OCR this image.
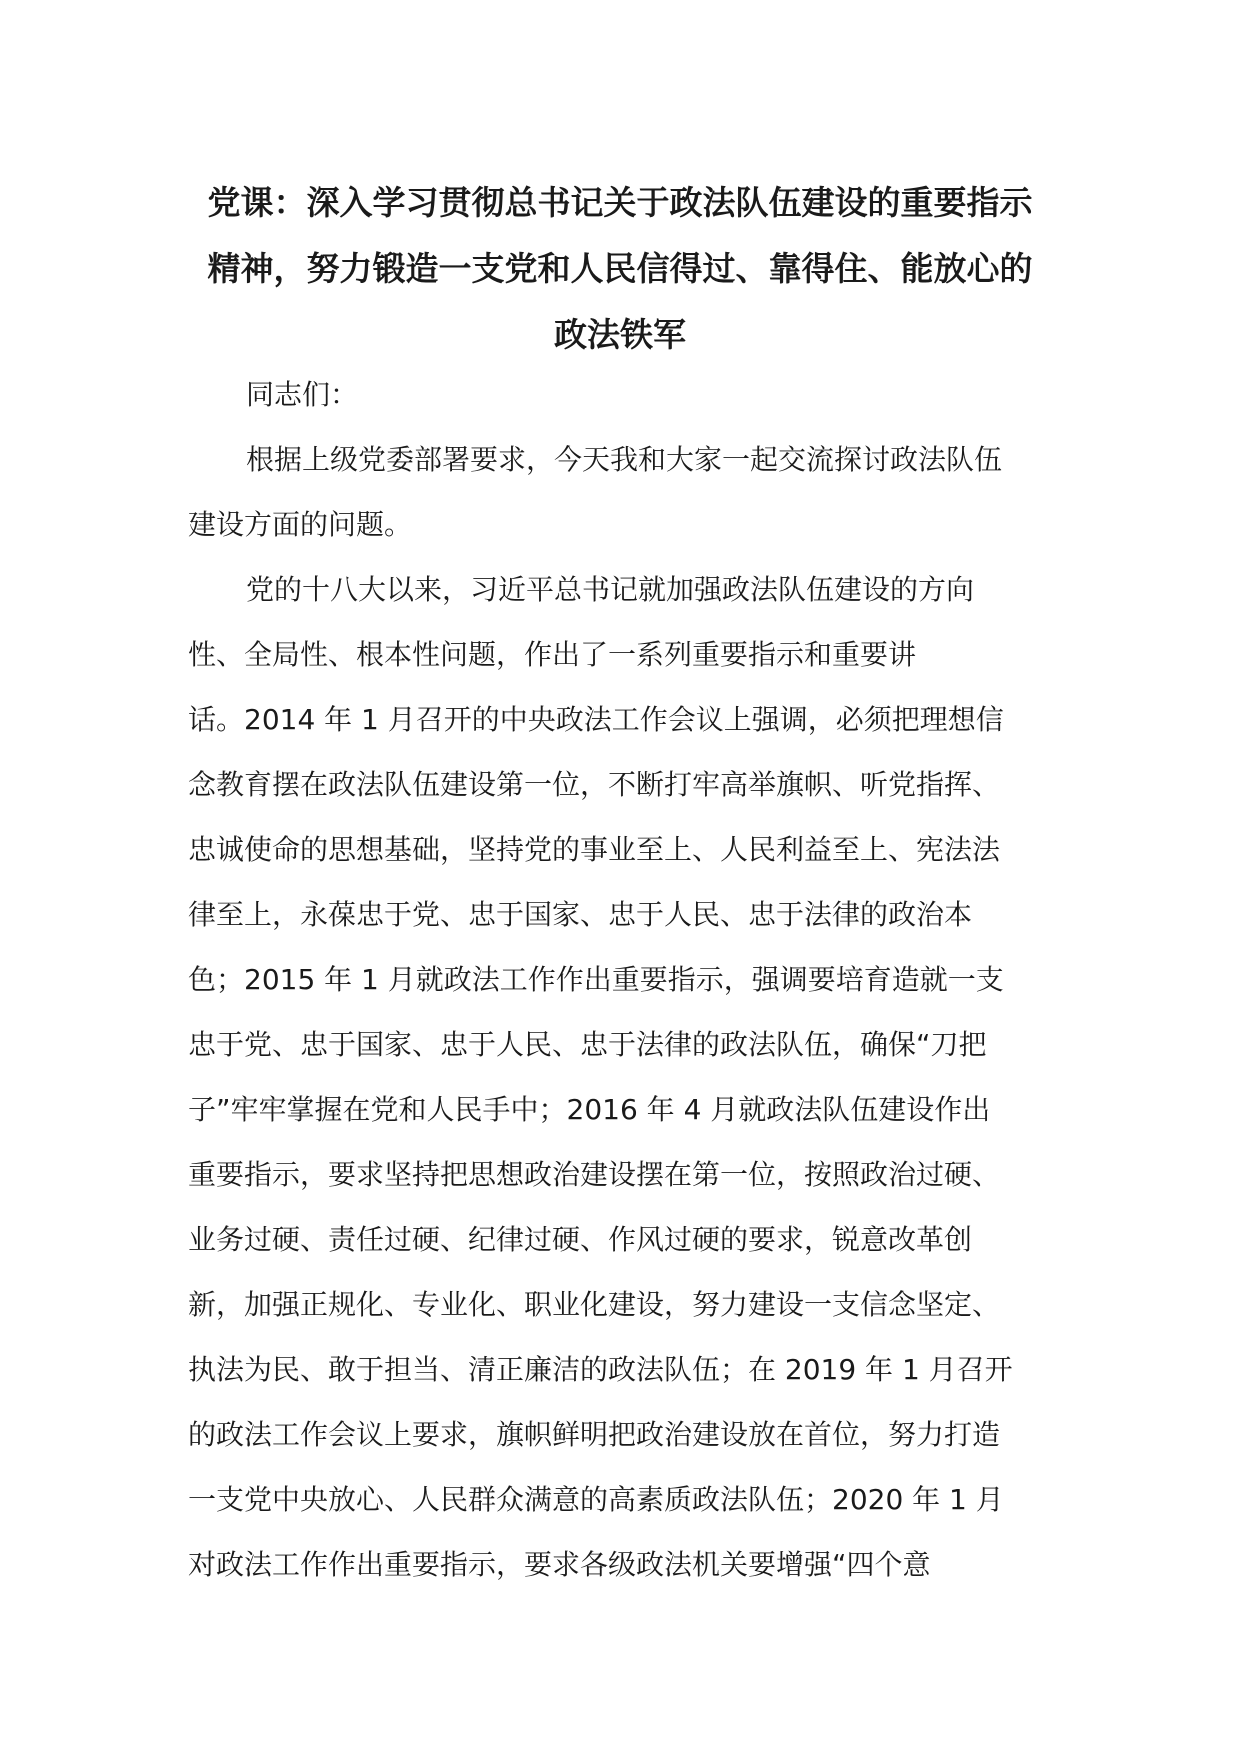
党课：深入学习贯彻总书记关于政法队伍建设的重要指示
精神，努力锻造一支党和人民信得过、靠得住、能放心的
政法铁军
同志们：
根据上级党委部署要求，今天我和大家一起交流探讨政法队伍
建设方面的问题。
党的十八大以来，习近平总书记就加强政法队伍建设的方向
性、全局性、根本性问题，作出了一系列重要指示和重要讲
话。2014 年 1 月召开的中央政法工作会议上强调，必须把理想信
念教育摆在政法队伍建设第一位，不断打牢高举旗帜、听党指挥、
忠诚使命的思想基础，坚持党的事业至上、人民利益至上、宪法法
律至上，永葆忠于党、忠于国家、忠于人民、忠于法律的政治本
色；2015 年 1 月就政法工作作出重要指示，强调要培育造就一支
忠于党、忠于国家、忠于人民、忠于法律的政法队伍，确保“刀把
子”牢牢掌握在党和人民手中；2016 年 4 月就政法队伍建设作出
重要指示，要求坚持把思想政治建设摆在第一位，按照政治过硬、
业务过硬、责任过硬、纪律过硬、作风过硬的要求，锐意改革创
新，加强正规化、专业化、职业化建设，努力建设一支信念坚定、
执法为民、敢于担当、清正廉洁的政法队伍；在 2019 年 1 月召开
的政法工作会议上要求，旗帜鲜明把政治建设放在首位，努力打造
一支党中央放心、人民群众满意的高素质政法队伍；2020 年 1 月
对政法工作作出重要指示，要求各级政法机关要增强“四个意
